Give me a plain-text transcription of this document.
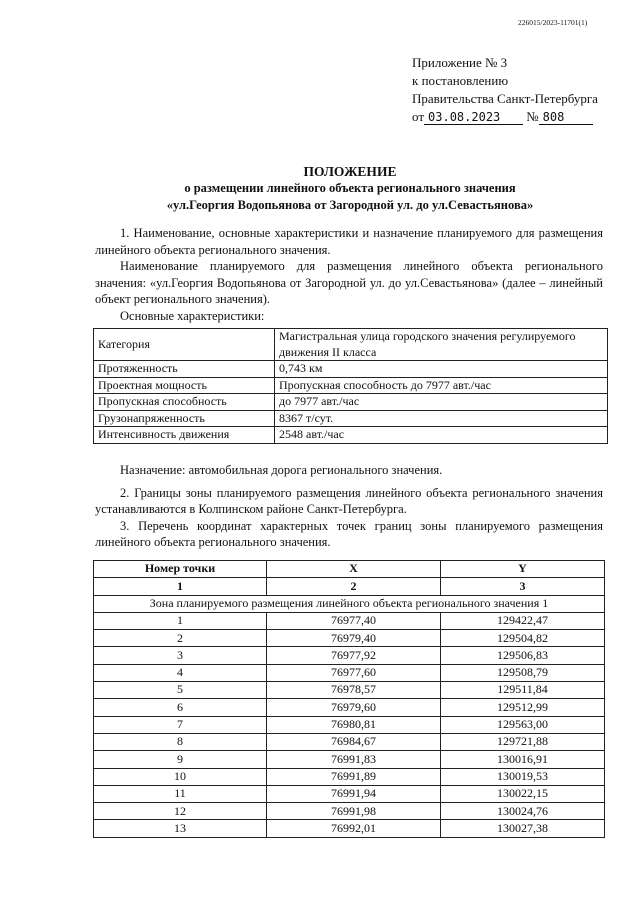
226015/2023-11701(1)
Приложение № 3
к постановлению
Правительства Санкт-Петербурга
от 03.08.2023 № 808
ПОЛОЖЕНИЕ
о размещении линейного объекта регионального значения
«ул.Георгия Водопьянова от Загородной ул. до ул.Севастьянова»

1. Наименование, основные характеристики и назначение планируемого для размещения линейного объекта регионального значения.

Наименование планируемого для размещения линейного объекта регионального значения: «ул.Георгия Водопьянова от Загородной ул. до ул.Севастьянова» (далее – линейный объект регионального значения).

Основные характеристики:

Категория	Магистральная улица городского значения регулируемого движения II класса
Протяженность	0,743 км
Проектная мощность	Пропускная способность до 7977 авт./час
Пропускная способность	до 7977 авт./час
Грузонапряженность	8367 т/сут.
Интенсивность движения	2548 авт./час

Назначение: автомобильная дорога регионального значения.

2. Границы зоны планируемого размещения линейного объекта регионального значения устанавливаются в Колпинском районе Санкт-Петербурга.

3. Перечень координат характерных точек границ зоны планируемого размещения линейного объекта регионального значения.

Номер точки	X	Y
1	2	3
Зона планируемого размещения линейного объекта регионального значения 1		
1	76977,40	129422,47
2	76979,40	129504,82
3	76977,92	129506,83
4	76977,60	129508,79
5	76978,57	129511,84
6	76979,60	129512,99
7	76980,81	129563,00
8	76984,67	129721,88
9	76991,83	130016,91
10	76991,89	130019,53
11	76991,94	130022,15
12	76991,98	130024,76
13	76992,01	130027,38
